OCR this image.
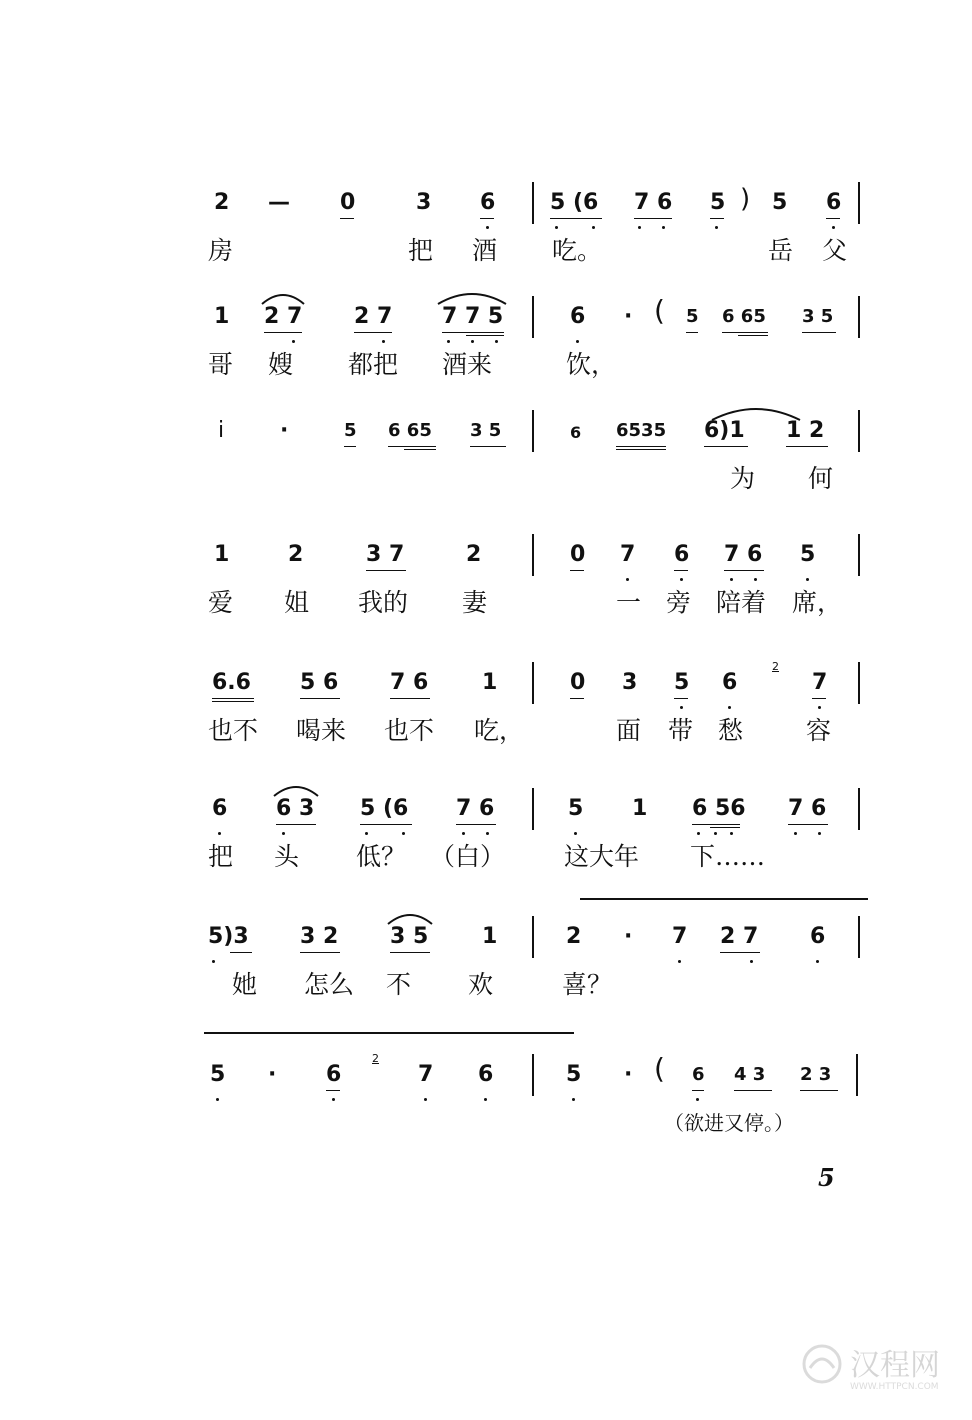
2 — 0	3 6 5 (6 7 6 5 ) 5 6
房	把 酒 吃。	岳 父
1 2 7 2 7 7 7 5	6 · ( 5 6 65 3 5
哥 嫂 都把 酒来	饮，
i	·	5 6 65 3 5	6 6535 6)1 1 2
为 何
1	2	3 7	2	0 7 6 7 6 5
爱 姐 我的 妻	一 旁 陪着 席，
6.6 5 6 7 6 1	0 3 5 6
2
7
也不 喝来 也不 吃，	面 带 愁	容
6 6 3 5 (6 7 6	5 1 6 56 7 6
把 头 低？ （白） 这大年 下……
5)3 3 2 3 5 1	2 · 7 2 7 6
她 怎么 不 欢	喜？
5 · 6
2
7 6	5 · ( 6 4 3 2 3
（欲进又停。）
5
汉程网
WWW.HTTPCN.COM
